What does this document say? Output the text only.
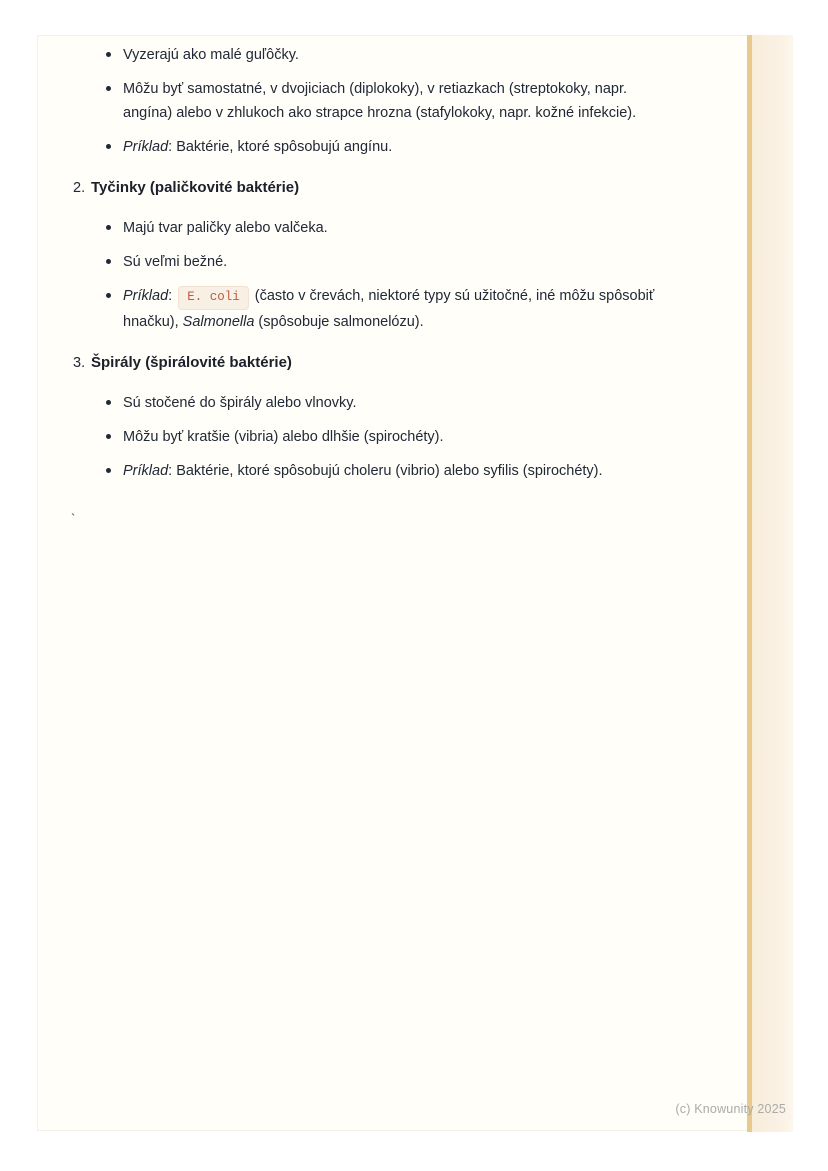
Vyzerajú ako malé guľôčky.
Môžu byť samostatné, v dvojiciach (diplokoky), v retiazkach (streptokoky, napr. angína) alebo v zhlukoch ako strapce hrozna (stafylokoky, napr. kožné infekcie).
Príklad: Baktérie, ktoré spôsobujú angínu.
2. Tyčinky (paličkovité baktérie)
Majú tvar paličky alebo valčeka.
Sú veľmi bežné.
Príklad: E. coli (často v črevách, niektoré typy sú užitočné, iné môžu spôsobiť hnačku), Salmonella (spôsobuje salmonelózu).
3. Špirály (špirálovité baktérie)
Sú stočené do špirály alebo vlnovky.
Môžu byť kratšie (vibria) alebo dlhšie (spirochéty).
Príklad: Baktérie, ktoré spôsobujú choleru (vibrio) alebo syfilis (spirochéty).

`

(c) Knowunity 2025
